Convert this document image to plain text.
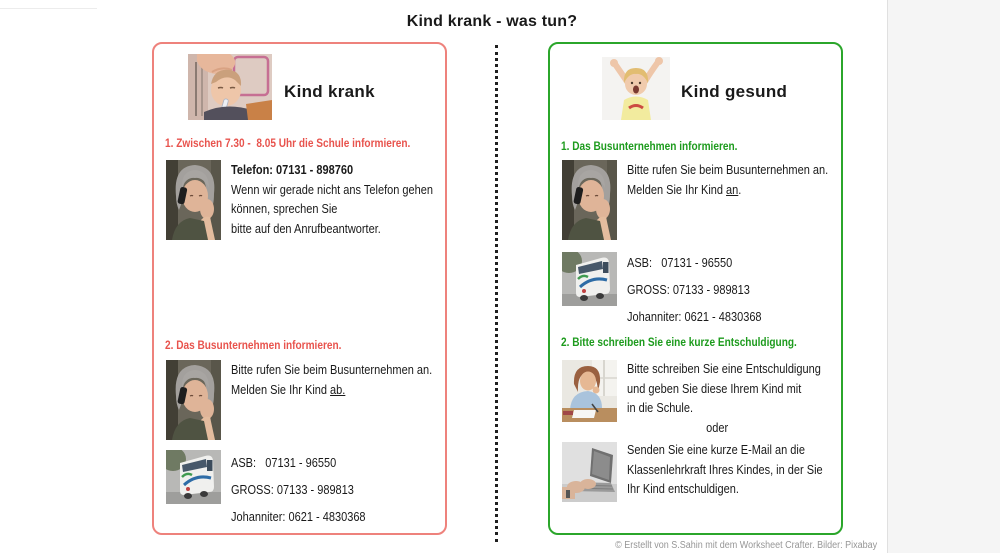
Kind krank - was tun?
Kind krank
1. Zwischen 7.30 -  8.05 Uhr die Schule informieren.
Telefon: 07131 - 898760
Wenn wir gerade nicht ans Telefon gehen
können, sprechen Sie
bitte auf den Anrufbeantworter.
2. Das Busunternehmen informieren.
Bitte rufen Sie beim Busunternehmen an.
Melden Sie Ihr Kind ab.
ASB:   07131 - 96550
GROSS: 07133 - 989813
Johanniter: 0621 - 4830368
Kind gesund
1. Das Busunternehmen informieren.
Bitte rufen Sie beim Busunternehmen an.
Melden Sie Ihr Kind an.
ASB:   07131 - 96550
GROSS: 07133 - 989813
Johanniter: 0621 - 4830368
2. Bitte schreiben Sie eine kurze Entschuldigung.
Bitte schreiben Sie eine Entschuldigung
und geben Sie diese Ihrem Kind mit
in die Schule.
oder
Senden Sie eine kurze E-Mail an die
Klassenlehrkraft Ihres Kindes, in der Sie
Ihr Kind entschuldigen.
© Erstellt von S.Sahin mit dem Worksheet Crafter. Bilder: Pixabay
